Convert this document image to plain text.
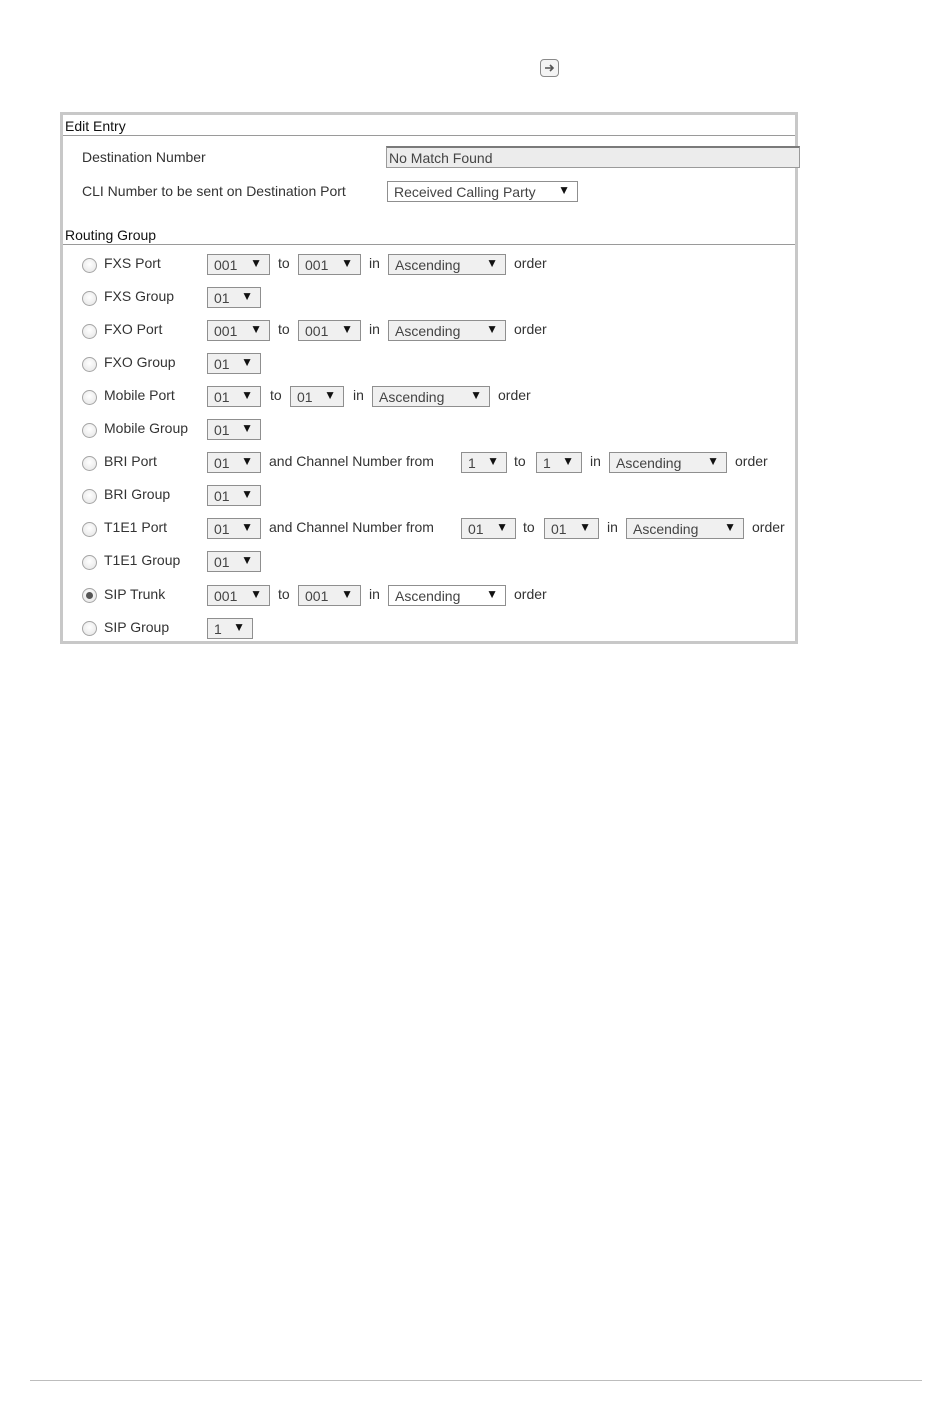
Edit Entry
Destination Number	No Match Found
CLI Number to be sent on Destination Port	Received Calling Party ▼
Routing Group
FXS Port	001 ▼ to	001 ▼ in	Ascending ▼ order
FXS Group	01 ▼
FXO Port	001 ▼ to	001 ▼ in	Ascending ▼ order
FXO Group	01 ▼
Mobile Port	01 ▼ to	01 ▼ in	Ascending ▼ order
Mobile Group	01 ▼
BRI Port	01 ▼ and Channel Number from	1 ▼ to	1 ▼ in	Ascending ▼ order
BRI Group	01 ▼
T1E1 Port	01 ▼ and Channel Number from	01 ▼ to	01 ▼ in	Ascending ▼ order
T1E1 Group	01 ▼
SIP Trunk	001 ▼ to	001 ▼ in	Ascending ▼ order
SIP Group	1 ▼
